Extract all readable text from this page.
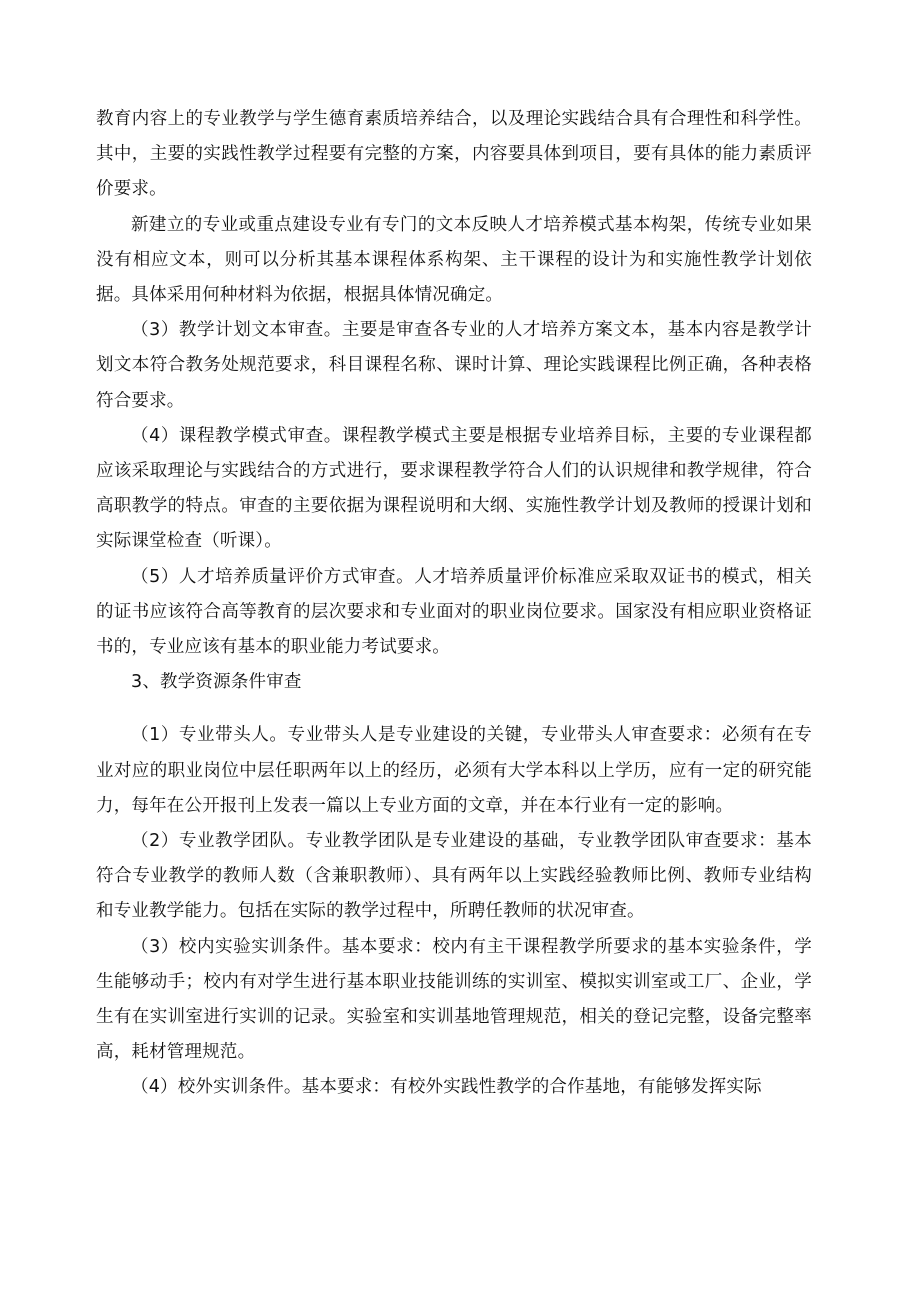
教育内容上的专业教学与学生德育素质培养结合，以及理论实践结合具有合理性和科学性。其中，主要的实践性教学过程要有完整的方案，内容要具体到项目，要有具体的能力素质评价要求。

新建立的专业或重点建设专业有专门的文本反映人才培养模式基本构架，传统专业如果没有相应文本，则可以分析其基本课程体系构架、主干课程的设计为和实施性教学计划依据。具体采用何种材料为依据，根据具体情况确定。

（3）教学计划文本审查。主要是审查各专业的人才培养方案文本，基本内容是教学计划文本符合教务处规范要求，科目课程名称、课时计算、理论实践课程比例正确，各种表格符合要求。

（4）课程教学模式审查。课程教学模式主要是根据专业培养目标，主要的专业课程都应该采取理论与实践结合的方式进行，要求课程教学符合人们的认识规律和教学规律，符合高职教学的特点。审查的主要依据为课程说明和大纲、实施性教学计划及教师的授课计划和实际课堂检查（听课）。

（5）人才培养质量评价方式审查。人才培养质量评价标准应采取双证书的模式，相关的证书应该符合高等教育的层次要求和专业面对的职业岗位要求。国家没有相应职业资格证书的，专业应该有基本的职业能力考试要求。

3、教学资源条件审查

（1）专业带头人。专业带头人是专业建设的关键，专业带头人审查要求：必须有在专业对应的职业岗位中层任职两年以上的经历，必须有大学本科以上学历，应有一定的研究能力，每年在公开报刊上发表一篇以上专业方面的文章，并在本行业有一定的影响。

（2）专业教学团队。专业教学团队是专业建设的基础，专业教学团队审查要求：基本符合专业教学的教师人数（含兼职教师）、具有两年以上实践经验教师比例、教师专业结构和专业教学能力。包括在实际的教学过程中，所聘任教师的状况审查。

（3）校内实验实训条件。基本要求：校内有主干课程教学所要求的基本实验条件，学生能够动手；校内有对学生进行基本职业技能训练的实训室、模拟实训室或工厂、企业，学生有在实训室进行实训的记录。实验室和实训基地管理规范，相关的登记完整，设备完整率高，耗材管理规范。

（4）校外实训条件。基本要求：有校外实践性教学的合作基地，有能够发挥实际
